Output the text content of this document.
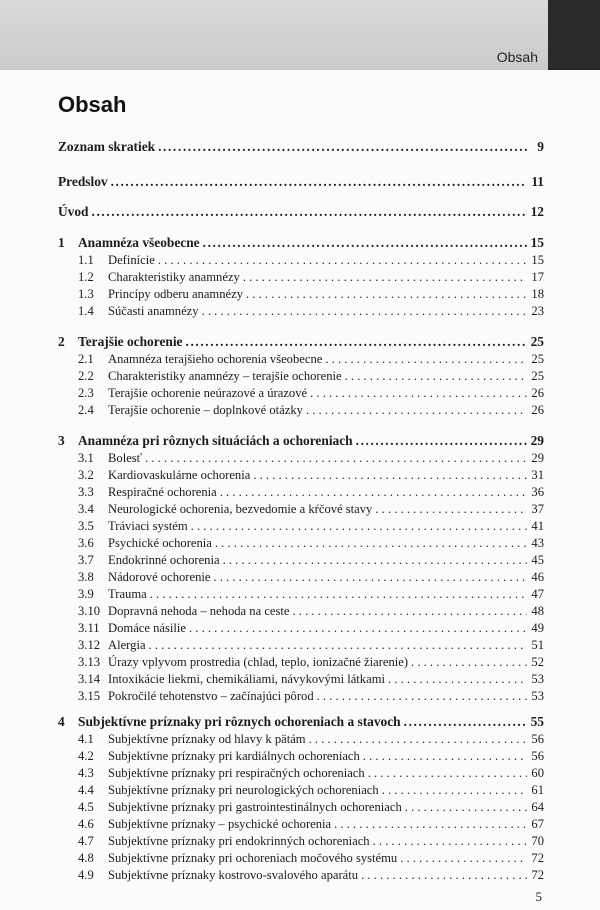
Obsah
Obsah
Zoznam skratiek .....	9
Predslov .....	11
Úvod .....	12
1 Anamnéza všeobecne .....	15
1.1	Definície . . .	15
1.2	Charakteristiky anamnézy . . .	17
1.3	Princípy odberu anamnézy . . .	18
1.4	Súčasti anamnézy . . .	23
2 Terajšie ochorenie .....	25
2.1	Anamnéza terajšieho ochorenia všeobecne . . .	25
2.2	Charakteristiky anamnézy – terajšie ochorenie . . .	25
2.3	Terajšie ochorenie neúrazové a úrazové . . .	26
2.4	Terajšie ochorenie – doplnkové otázky . . .	26
3 Anamnéza pri rôznych situáciách a ochoreniach .....	29
3.1	Bolesť . . .	29
3.2	Kardiovaskulárne ochorenia . . .	31
3.3	Respiračné ochorenia . . .	36
3.4	Neurologické ochorenia, bezvedomie a kŕčové stavy . . .	37
3.5	Tráviaci systém . . .	41
3.6	Psychické ochorenia . . .	43
3.7	Endokrinné ochorenia . . .	45
3.8	Nádorové ochorenie . . .	46
3.9	Trauma . . .	47
3.10 Dopravná nehoda – nehoda na ceste . . .	48
3.11 Domáce násilie . . .	49
3.12 Alergia . . .	51
3.13 Úrazy vplyvom prostredia (chlad, teplo, ionizačné žiarenie) . . .	52
3.14 Intoxikácie liekmi, chemikáliami, návykovými látkami . . .	53
3.15 Pokročilé tehotenstvo – začínajúci pôrod . . .	53
4 Subjektívne príznaky pri rôznych ochoreniach a stavoch .....	55
4.1	Subjektívne príznaky od hlavy k pätám . . .	56
4.2	Subjektívne príznaky pri kardiálnych ochoreniach . . .	56
4.3	Subjektívne príznaky pri respiračných ochoreniach . . .	60
4.4	Subjektívne príznaky pri neurologických ochoreniach . . .	61
4.5	Subjektívne príznaky pri gastrointestinálnych ochoreniach . . .	64
4.6	Subjektívne príznaky – psychické ochorenia . . .	67
4.7	Subjektívne príznaky pri endokrinných ochoreniach . . .	70
4.8	Subjektívne príznaky pri ochoreniach močového systému . . .	72
4.9	Subjektívne príznaky kostrovo-svalového aparátu . . .	72
5
